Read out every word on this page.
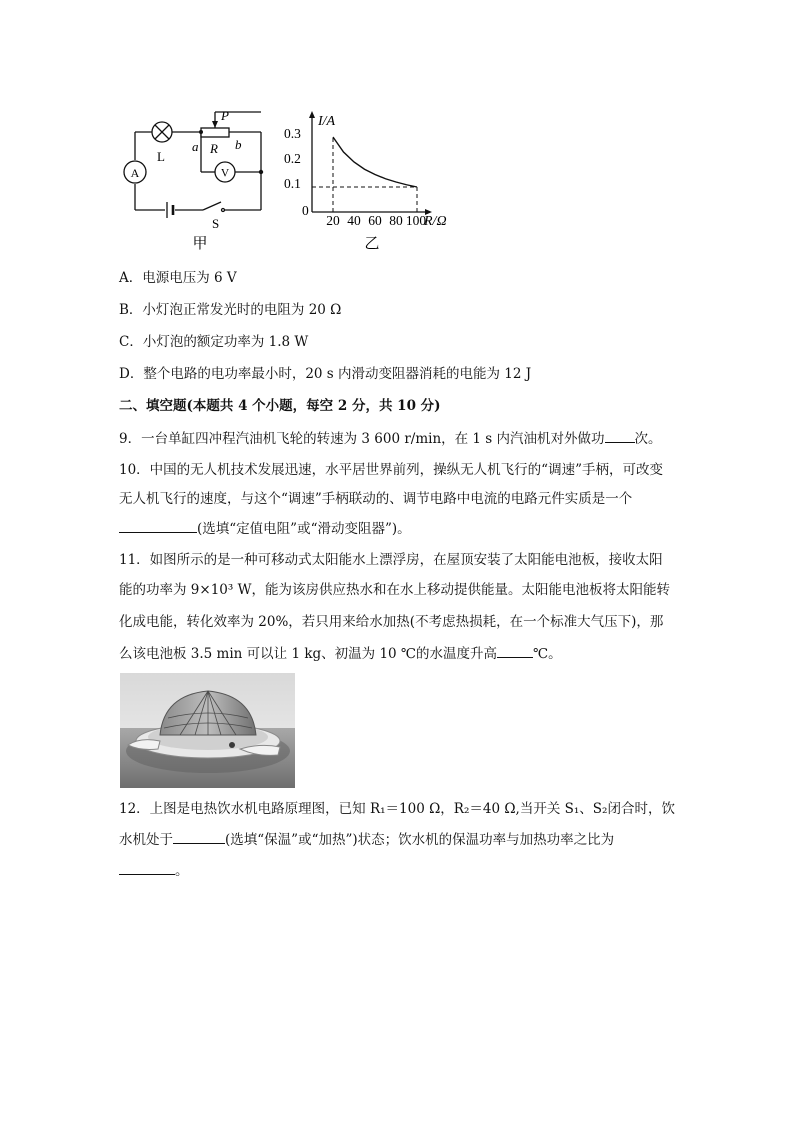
A	V
L
P
R
a	b
S
甲
I/A
R/Ω
0.3
0.2
0.1
0
20 40 60 80 100
乙
A．电源电压为 6 V
B．小灯泡正常发光时的电阻为 20 Ω
C．小灯泡的额定功率为 1.8 W
D．整个电路的电功率最小时，20 s 内滑动变阻器消耗的电能为 12 J
二、填空题(本题共 4 个小题，每空 2 分，共 10 分)
9．一台单缸四冲程汽油机飞轮的转速为 3 600 r/min，在 1 s 内汽油机对外做功 次。
10．中国的无人机技术发展迅速，水平居世界前列，操纵无人机飞行的“调速”手柄，可改变
无人机飞行的速度，与这个“调速”手柄联动的、调节电路中电流的电路元件实质是一个
(选填“定值电阻”或“滑动变阻器”)。
11．如图所示的是一种可移动式太阳能水上漂浮房，在屋顶安装了太阳能电池板，接收太阳
能的功率为 9×10³ W，能为该房供应热水和在水上移动提供能量。太阳能电池板将太阳能转
化成电能，转化效率为 20%，若只用来给水加热(不考虑热损耗，在一个标准大气压下)，那
么该电池板 3.5 min 可以让 1 kg、初温为 10 ℃的水温度升高	℃。
12．上图是电热饮水机电路原理图，已知 R₁＝100 Ω，R₂＝40 Ω,当开关 S₁、S₂闭合时，饮
水机处于	(选填“保温”或“加热”)状态；饮水机的保温功率与加热功率之比为
。
